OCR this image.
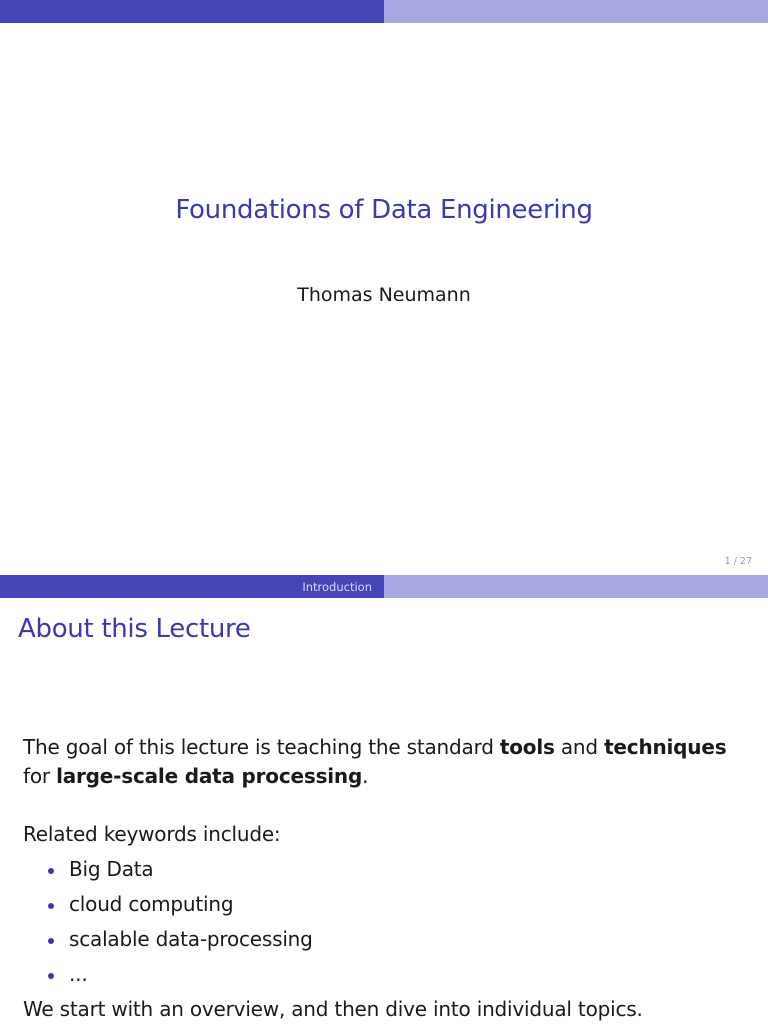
Foundations of Data Engineering
Thomas Neumann
1 / 27
Introduction
About this Lecture
The goal of this lecture is teaching the standard tools and techniques for large-scale data processing.
Related keywords include:
Big Data
cloud computing
scalable data-processing
...
We start with an overview, and then dive into individual topics.
